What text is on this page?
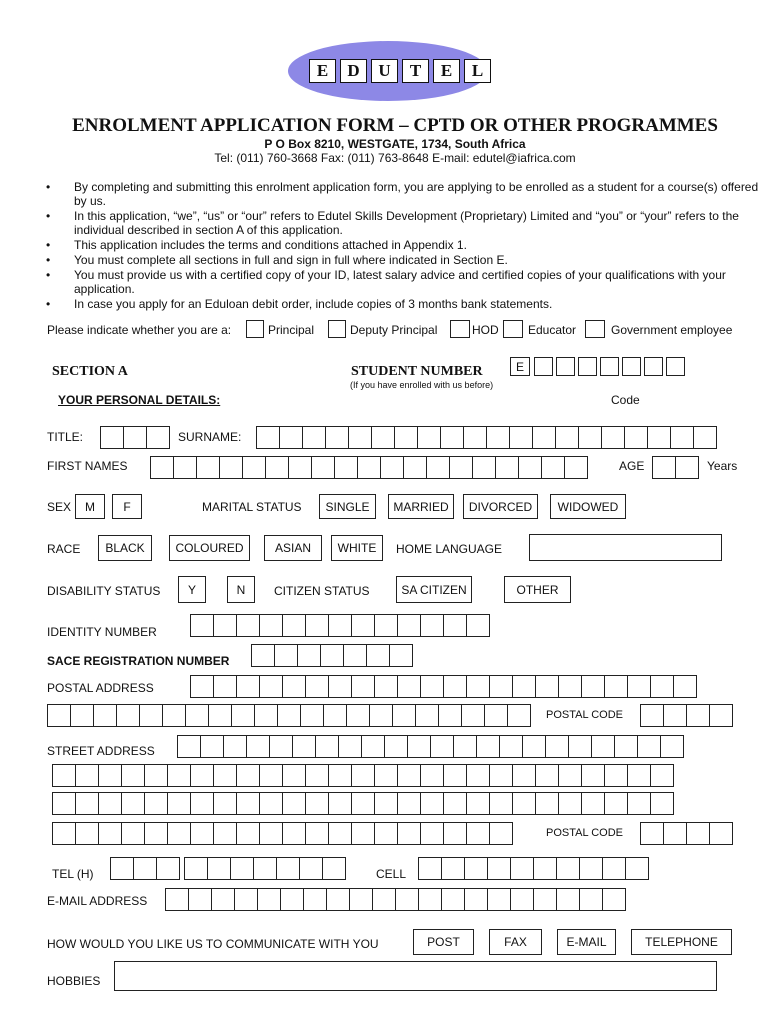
E	D	U	T	E	L
ENROLMENT APPLICATION FORM – CPTD OR OTHER PROGRAMMES
P O Box 8210, WESTGATE, 1734, South Africa
Tel: (011) 760-3668 Fax: (011) 763-8648 E-mail: edutel@iafrica.com
• By completing and submitting this enrolment application form, you are applying to be enrolled as a student for a course(s) offered by us.
• In this application, “we”, “us” or “our” refers to Edutel Skills Development (Proprietary) Limited and “you” or “your” refers to the individual described in section A of this application.
• This application includes the terms and conditions attached in Appendix 1.
• You must complete all sections in full and sign in full where indicated in Section E.
• You must provide us with a certified copy of your ID, latest salary advice and certified copies of your qualifications with your application.
• In case you apply for an Eduloan debit order, include copies of 3 months bank statements.
Please indicate whether you are a:	Principal	Deputy Principal	HOD Educator	Government employee
SECTION A	STUDENT NUMBER	E
(If you have enrolled with us before)
YOUR PERSONAL DETAILS:	Code
TITLE:	SURNAME:
FIRST NAMES	AGE	Years
SEX	M	F	MARITAL STATUS	SINGLE	MARRIED	DIVORCED	WIDOWED
RACE	BLACK	COLOURED	ASIAN	WHITE	HOME LANGUAGE
DISABILITY STATUS	Y	N	CITIZEN STATUS	SA CITIZEN	OTHER
IDENTITY NUMBER
SACE REGISTRATION NUMBER
POSTAL ADDRESS
POSTAL CODE
STREET ADDRESS
POSTAL CODE
TEL (H)	CELL
E-MAIL ADDRESS
HOW WOULD YOU LIKE US TO COMMUNICATE WITH YOU	POST	FAX	E-MAIL	TELEPHONE
HOBBIES
